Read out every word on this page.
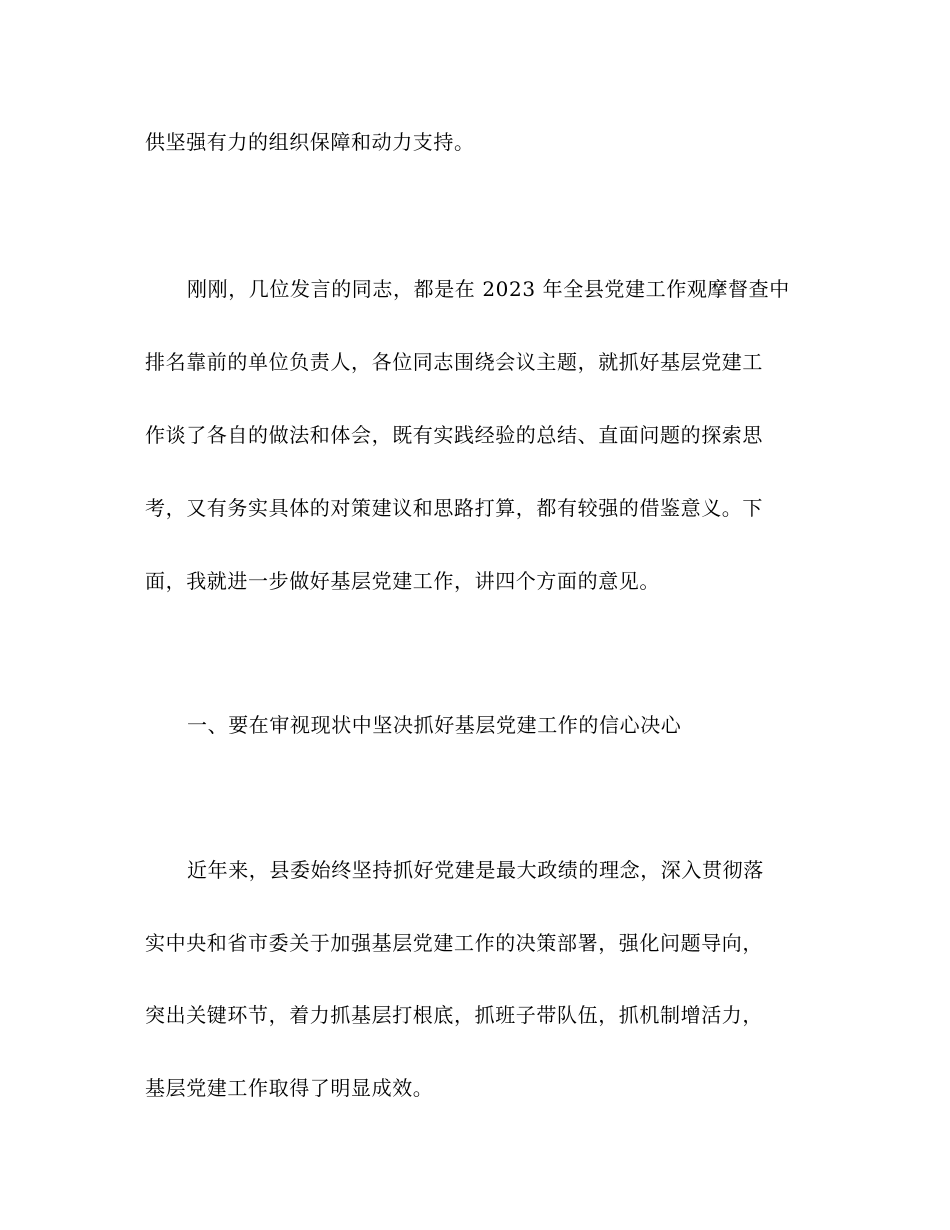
供坚强有力的组织保障和动力支持。
刚刚，几位发言的同志，都是在 2023 年全县党建工作观摩督查中
排名靠前的单位负责人，各位同志围绕会议主题，就抓好基层党建工
作谈了各自的做法和体会，既有实践经验的总结、直面问题的探索思
考，又有务实具体的对策建议和思路打算，都有较强的借鉴意义。下
面，我就进一步做好基层党建工作，讲四个方面的意见。
一、要在审视现状中坚决抓好基层党建工作的信心决心
近年来，县委始终坚持抓好党建是最大政绩的理念，深入贯彻落
实中央和省市委关于加强基层党建工作的决策部署，强化问题导向，
突出关键环节，着力抓基层打根底，抓班子带队伍，抓机制增活力，
基层党建工作取得了明显成效。
